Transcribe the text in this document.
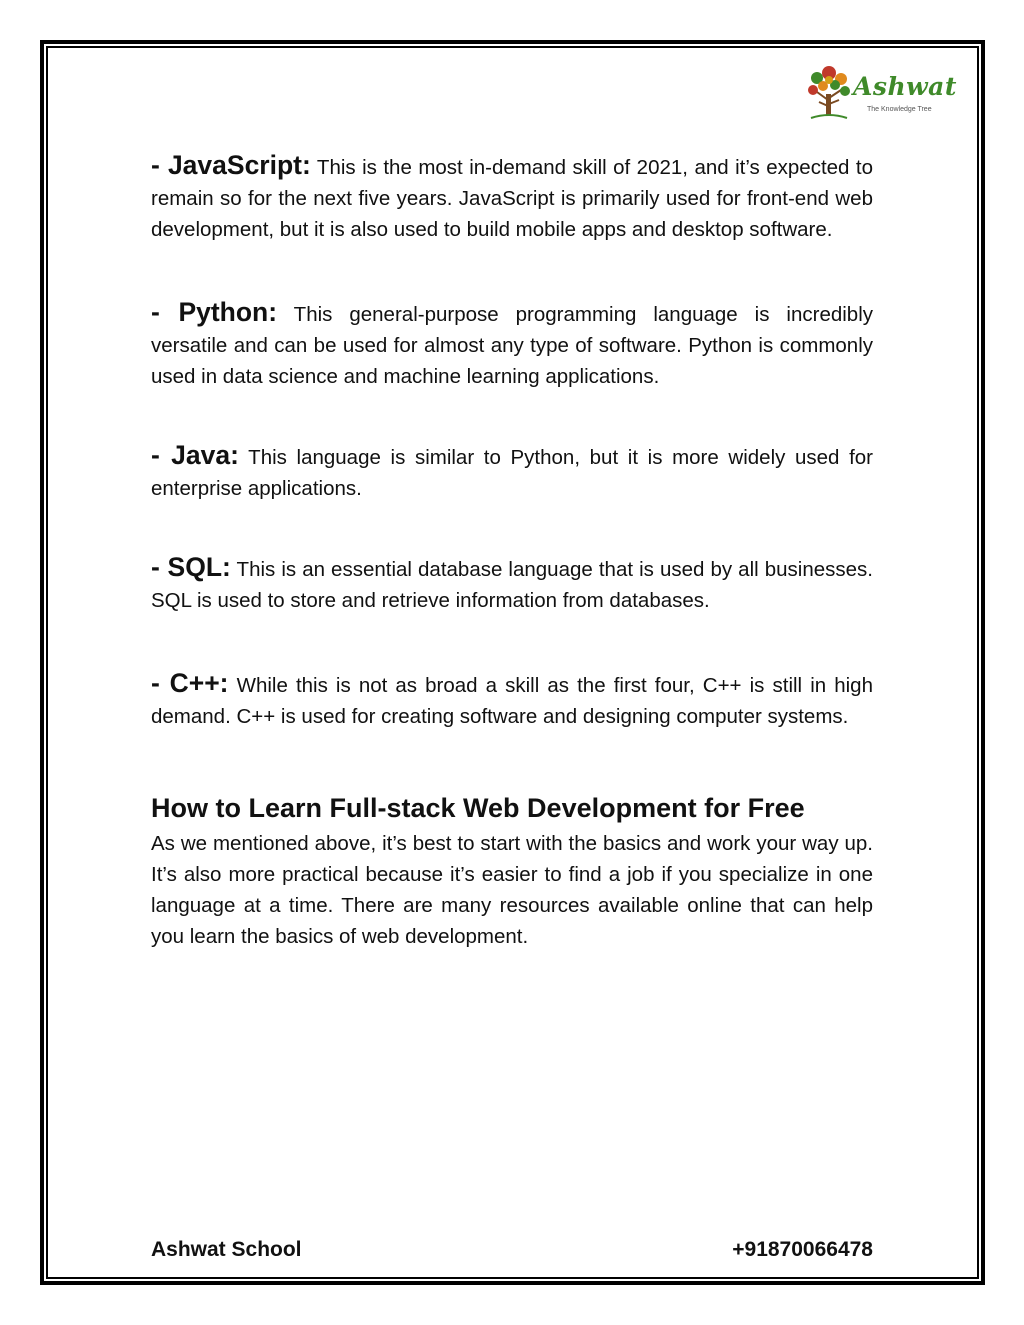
Ashwat
The Knowledge Tree

- JavaScript: This is the most in-demand skill of 2021, and it’s expected to remain so for the next five years. JavaScript is primarily used for front-end web development, but it is also used to build mobile apps and desktop software.

- Python: This general-purpose programming language is incredibly versatile and can be used for almost any type of software. Python is commonly used in data science and machine learning applications.

- Java: This language is similar to Python, but it is more widely used for enterprise applications.

- SQL: This is an essential database language that is used by all businesses. SQL is used to store and retrieve information from databases.

- C++: While this is not as broad a skill as the first four, C++ is still in high demand. C++ is used for creating software and designing computer systems.

How to Learn Full-stack Web Development for Free

As we mentioned above, it’s best to start with the basics and work your way up. It’s also more practical because it’s easier to find a job if you specialize in one language at a time. There are many resources available online that can help you learn the basics of web development.

Ashwat School	+91870066478
